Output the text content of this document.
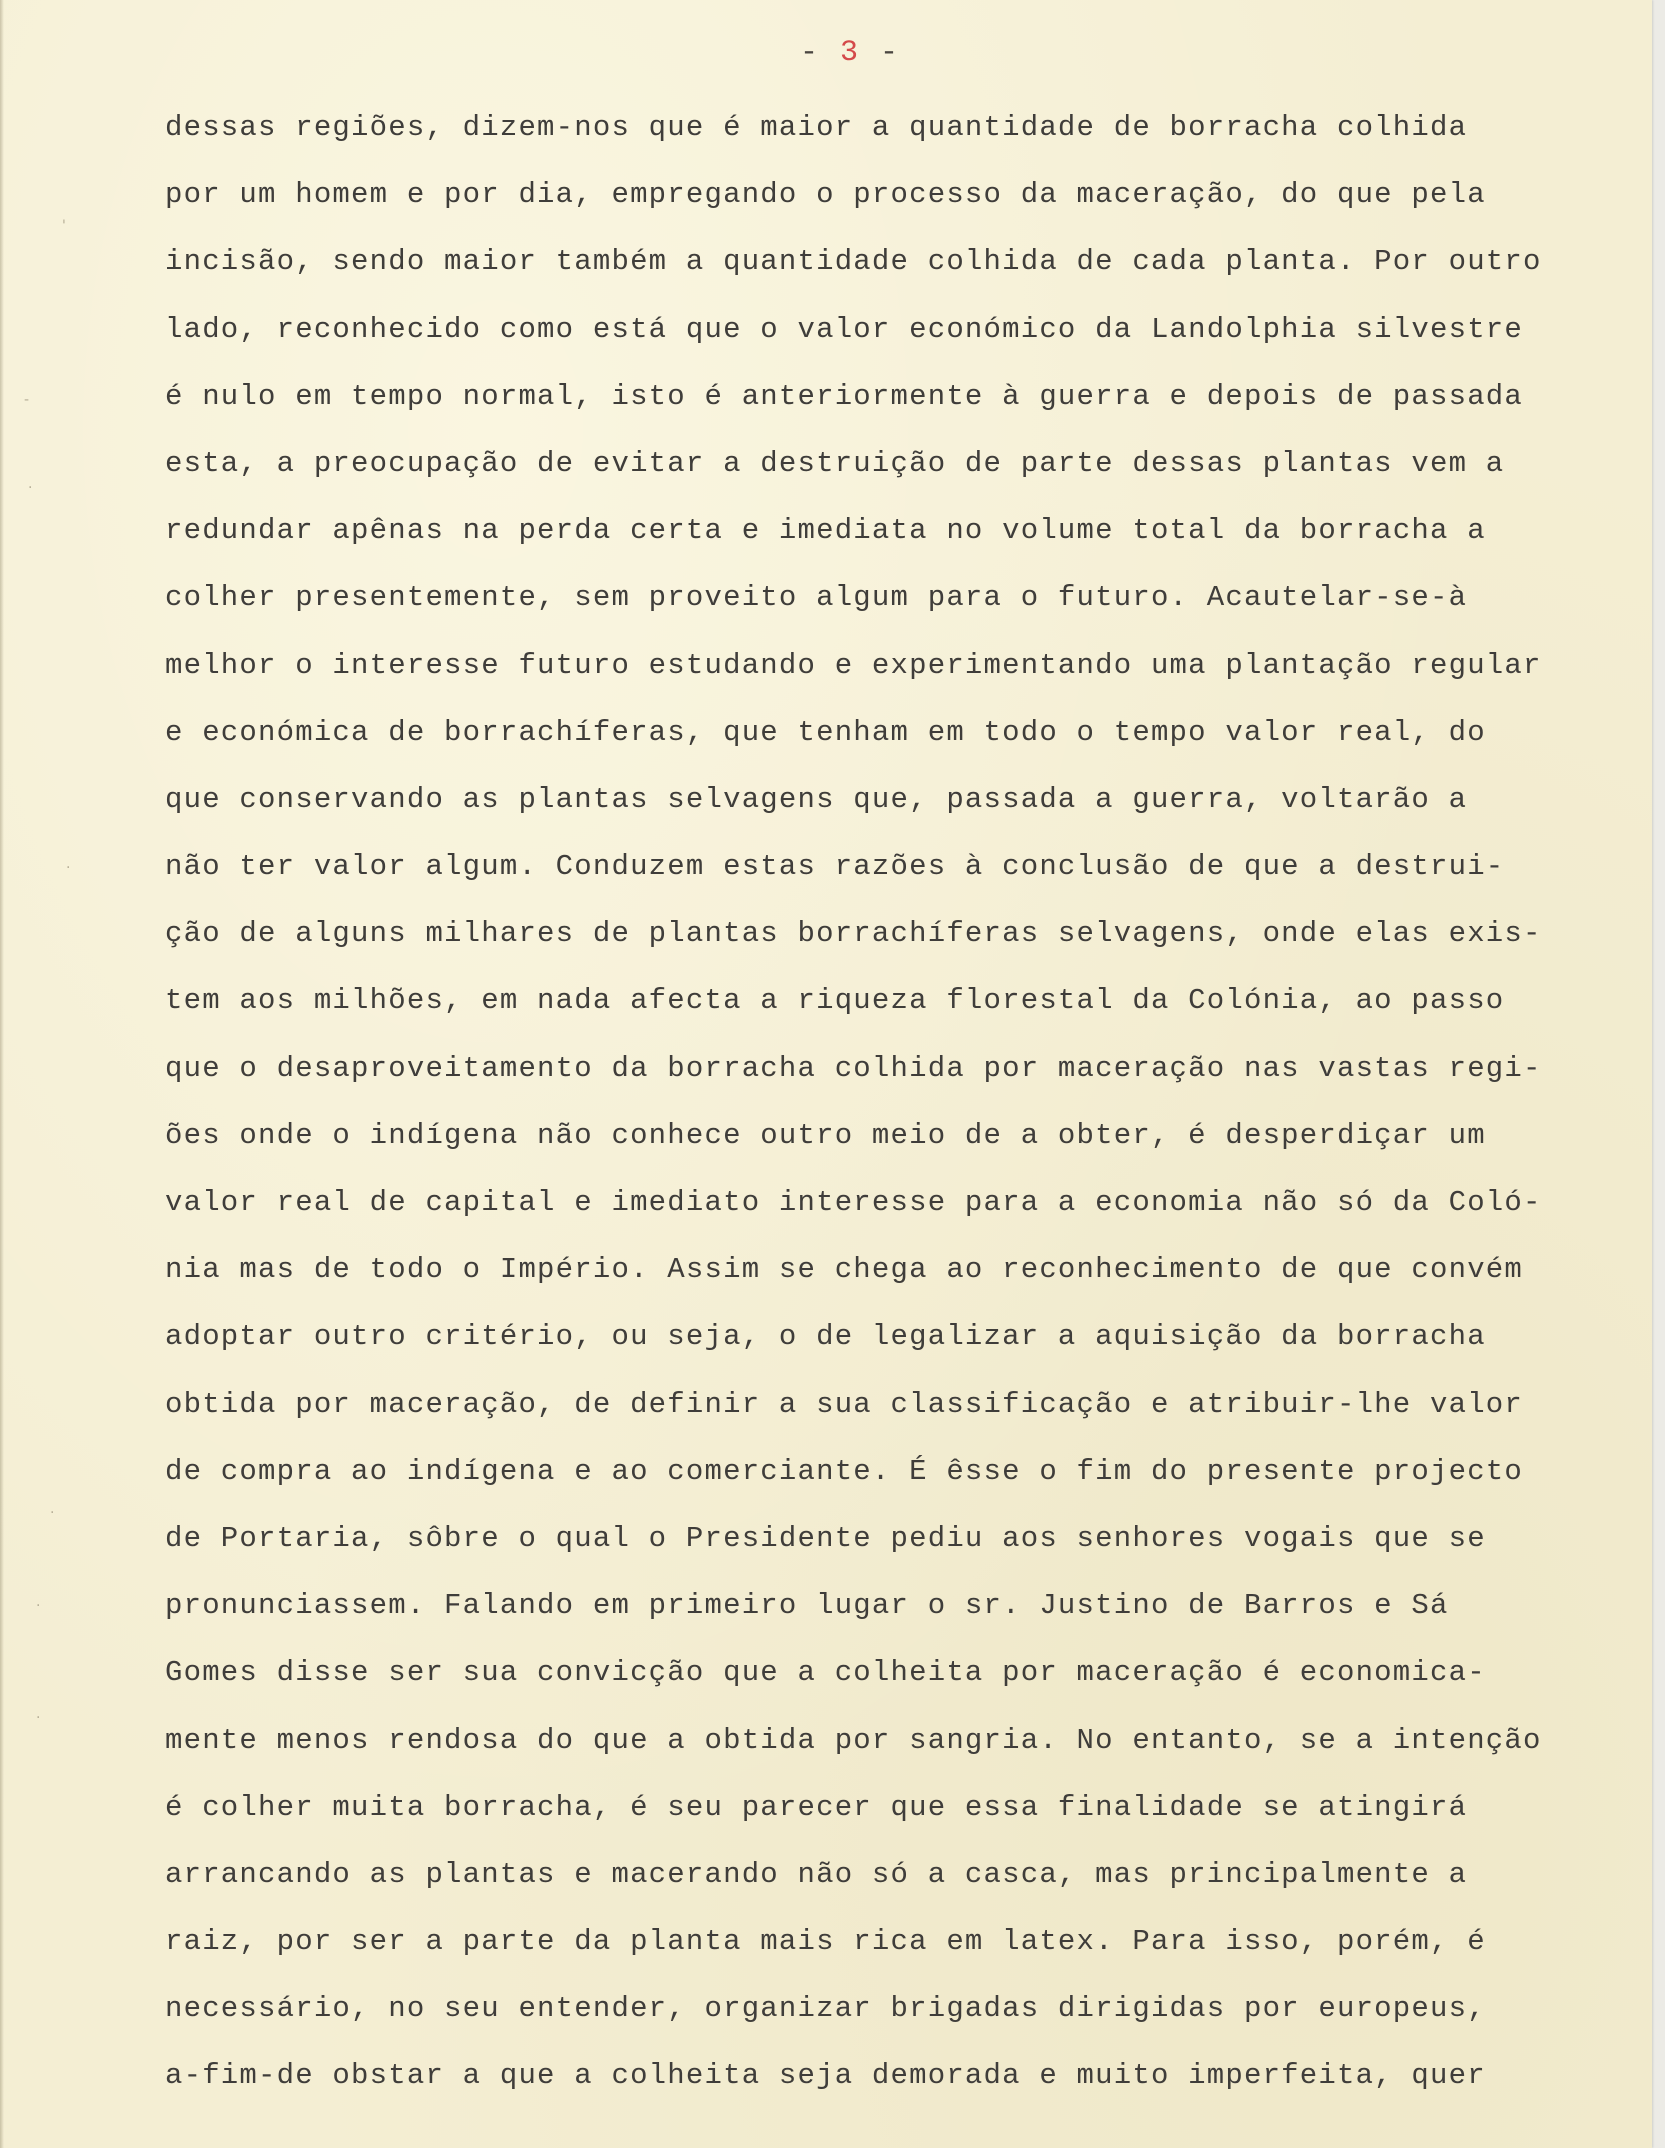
- 3 -
'
-
·
·
·
·
·
dessas regiões, dizem-nos que é maior a quantidade de borracha colhida
por um homem e por dia, empregando o processo da maceração, do que pela
incisão, sendo maior também a quantidade colhida de cada planta. Por outro
lado, reconhecido como está que o valor económico da Landolphia silvestre
é nulo em tempo normal, isto é anteriormente à guerra e depois de passada
esta, a preocupação de evitar a destruição de parte dessas plantas vem a
redundar apênas na perda certa e imediata no volume total da borracha a
colher presentemente, sem proveito algum para o futuro. Acautelar-se-à
melhor o interesse futuro estudando e experimentando uma plantação regular
e económica de borrachíferas, que tenham em todo o tempo valor real, do
que conservando as plantas selvagens que, passada a guerra, voltarão a
não ter valor algum. Conduzem estas razões à conclusão de que a destrui-
ção de alguns milhares de plantas borrachíferas selvagens, onde elas exis-
tem aos milhões, em nada afecta a riqueza florestal da Colónia, ao passo
que o desaproveitamento da borracha colhida por maceração nas vastas regi-
ões onde o indígena não conhece outro meio de a obter, é desperdiçar um
valor real de capital e imediato interesse para a economia não só da Coló-
nia mas de todo o Império. Assim se chega ao reconhecimento de que convém
adoptar outro critério, ou seja, o de legalizar a aquisição da borracha
obtida por maceração, de definir a sua classificação e atribuir-lhe valor
de compra ao indígena e ao comerciante. É êsse o fim do presente projecto
de Portaria, sôbre o qual o Presidente pediu aos senhores vogais que se
pronunciassem. Falando em primeiro lugar o sr. Justino de Barros e Sá
Gomes disse ser sua convicção que a colheita por maceração é economica-
mente menos rendosa do que a obtida por sangria. No entanto, se a intenção
é colher muita borracha, é seu parecer que essa finalidade se atingirá
arrancando as plantas e macerando não só a casca, mas principalmente a
raiz, por ser a parte da planta mais rica em latex. Para isso, porém, é
necessário, no seu entender, organizar brigadas dirigidas por europeus,
a-fim-de obstar a que a colheita seja demorada e muito imperfeita, quer
